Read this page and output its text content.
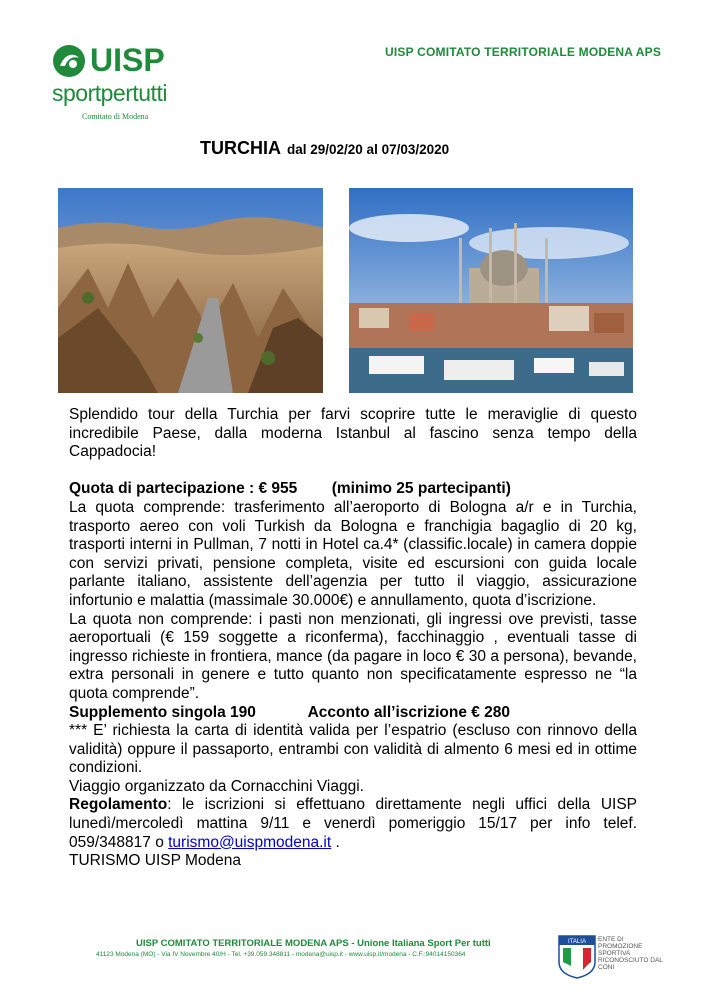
UISP
sportpertutti
Comitato di Modena
UISP COMITATO TERRITORIALE MODENA APS
TURCHIA dal 29/02/20 al 07/03/2020

Splendido tour della Turchia per farvi scoprire tutte le meraviglie di questo incredibile Paese, dalla moderna Istanbul al fascino senza tempo della Cappadocia!

Quota di partecipazione : € 955 (minimo 25 partecipanti)

La quota comprende: trasferimento all’aeroporto di Bologna a/r e in Turchia, trasporto aereo con voli Turkish da Bologna e franchigia bagaglio di 20 kg, trasporti interni in Pullman, 7 notti in Hotel ca.4* (classific.locale) in camera doppie con servizi privati, pensione completa, visite ed escursioni con guida locale parlante italiano, assistente dell’agenzia per tutto il viaggio, assicurazione infortunio e malattia (massimale 30.000€) e annullamento, quota d’iscrizione.

La quota non comprende: i pasti non menzionati, gli ingressi ove previsti, tasse aeroportuali (€ 159 soggette a riconferma), facchinaggio , eventuali tasse di ingresso richieste in frontiera, mance (da pagare in loco € 30 a persona), bevande, extra personali in genere e tutto quanto non specificatamente espresso ne “la quota comprende”.

Supplemento singola 190	Acconto all’iscrizione € 280

*** E’ richiesta la carta di identità valida per l’espatrio (escluso con rinnovo della validità) oppure il passaporto, entrambi con validità di almento 6 mesi ed in ottime condizioni.

Viaggio organizzato da Cornacchini Viaggi.

Regolamento: le iscrizioni si effettuano direttamente negli uffici della UISP lunedì/mercoledì mattina 9/11 e venerdì pomeriggio 15/17 per info telef. 059/348817 o turismo@uispmodena.it .

TURISMO UISP Modena

UISP COMITATO TERRITORIALE MODENA APS - Unione Italiana Sport Per tutti
41123 Modena (MO) - Via IV Novembre 40/H - Tel. +39.059.348811 - modena@uisp.it - www.uisp.it/modena - C.F.:94014150364
ITALIA ENTE DI PROMOZIONE SPORTIVA RICONOSCIUTO DAL CONI
